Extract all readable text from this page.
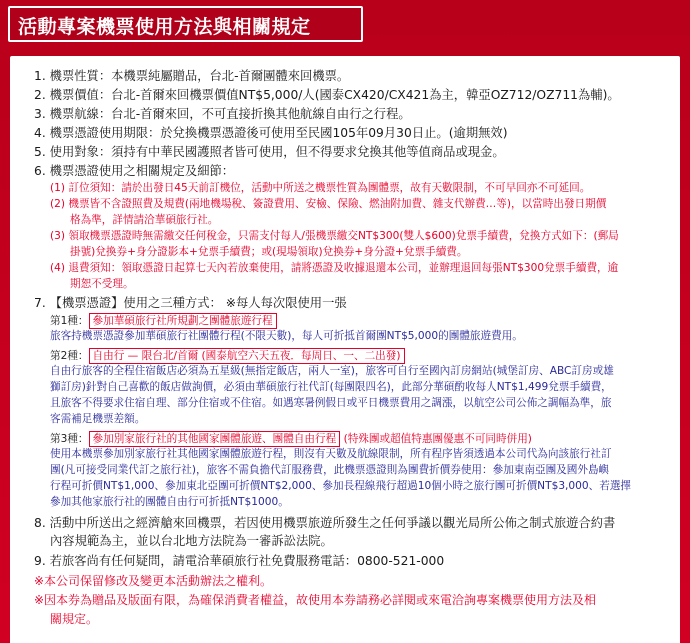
活動專案機票使用方法與相關規定
1. 機票性質：本機票純屬贈品，台北-首爾團體來回機票。
2. 機票價值：台北-首爾來回機票價值NT$5,000/人(國泰CX420/CX421為主，韓亞OZ712/OZ711為輔)。
3. 機票航線：台北-首爾來回，不可直接折換其他航線自由行之行程。
4. 機票憑證使用期限：於兌換機票憑證後可使用至民國105年09月30日止。(逾期無效)
5. 使用對象：須持有中華民國護照者皆可使用，但不得要求兌換其他等值商品或現金。
6. 機票憑證使用之相關規定及細節：
(1) 訂位須知：請於出發日45天前訂機位，活動中所送之機票性質為團體票，故有天數限制，不可早回亦不可延回。
(2) 機票皆不含證照費及規費(兩地機場稅、簽證費用、安檢、保險、燃油附加費、雜支代辦費…等)，以當時出發日期價
格為準，詳情請洽華碩旅行社。
(3) 領取機票憑證時無需繳交任何稅金，只需支付每人/張機票繳交NT$300(雙人$600)兌票手續費，兌換方式如下：(郵局
掛號)兌換券+身分證影本+兌票手續費；或(現場領取)兌換券+身分證+兌票手續費。
(4) 退費須知：領取憑證日起算七天內若放棄使用，請將憑證及收據退還本公司，並辦理退回每張NT$300兌票手續費，逾
期恕不受理。
7. 【機票憑證】使用之三種方式： ※每人每次限使用一張
第1種： 參加華碩旅行社所規劃之團體旅遊行程
旅客持機票憑證參加華碩旅行社團體行程(不限天數)，每人可折抵首爾團NT$5,000的團體旅遊費用。
第2種： 自由行 — 限台北/首爾 (國泰航空六天五夜．每周日、一、二出發)
自由行旅客的全程住宿飯店必須為五星級(無指定飯店，兩人一室)，旅客可自行至國內訂房網站(城堡訂房、ABC訂房或雄
獅訂房)針對自己喜歡的飯店做詢價，必須由華碩旅行社代訂(每團限四名)，此部分華碩酌收每人NT$1,499兌票手續費，
且旅客不得要求住宿自理、部分住宿或不住宿。如遇寒暑例假日或平日機票費用之調漲，以航空公司公佈之調幅為準，旅
客需補足機票差額。
第3種： 參加別家旅行社的其他國家團體旅遊、團體自由行程 (特殊團或超值特惠團優惠不可同時併用)
使用本機票參加別家旅行社其他國家團體旅遊行程，則沒有天數及航線限制，所有程序皆須透過本公司代為向該旅行社訂
團(凡可接受同業代訂之旅行社)，旅客不需負擔代訂服務費，此機票憑證則為團費折價券使用：參加東南亞團及國外島嶼
行程可折價NT$1,000、參加東北亞團可折價NT$2,000、參加長程線飛行超過10個小時之旅行團可折價NT$3,000、若選擇
參加其他家旅行社的團體自由行可折抵NT$1000。
8. 活動中所送出之經濟艙來回機票，若因使用機票旅遊所發生之任何爭議以觀光局所公佈之制式旅遊合約書
內容規範為主，並以台北地方法院為一審訴訟法院。
9. 若旅客尚有任何疑問，請電洽華碩旅行社免費服務電話：0800-521-000
※本公司保留修改及變更本活動辦法之權利。
※因本券為贈品及版面有限，為確保消費者權益，故使用本券請務必詳閱或來電洽詢專案機票使用方法及相
關規定。
